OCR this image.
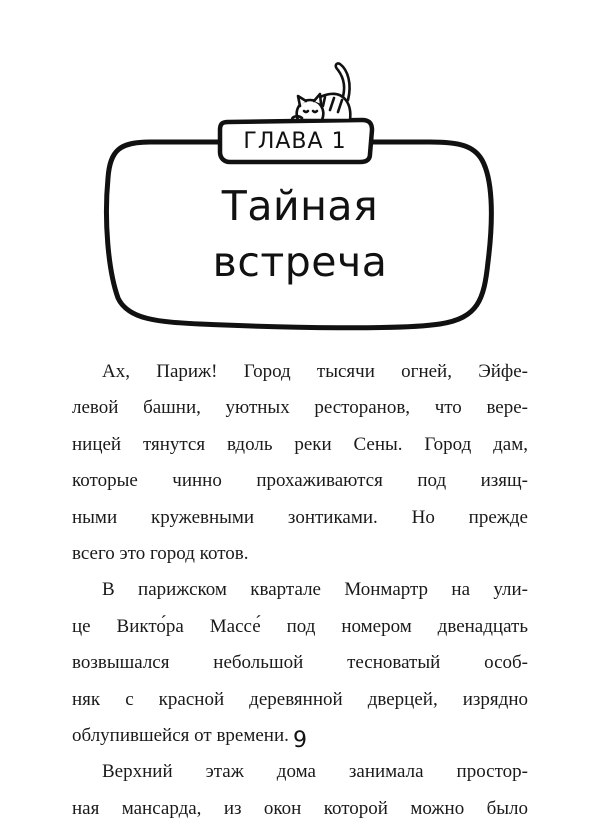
ГЛАВА 1
Тайная
встреча

Ах, Париж! Город тысячи огней, Эйфе-
левой башни, уютных ресторанов, что вере-
ницей тянутся вдоль реки Сены. Город дам,
которые чинно прохаживаются под изящ-
ными кружевными зонтиками. Но прежде
всего это город котов.

В парижском квартале Монмартр на ули-
це Викто́ра Массе́ под номером двенадцать
возвышался небольшой тесноватый особ-
няк с красной деревянной дверцей, изрядно
облупившейся от времени.

Верхний этаж дома занимала простор-
ная мансарда, из окон которой можно было

9
